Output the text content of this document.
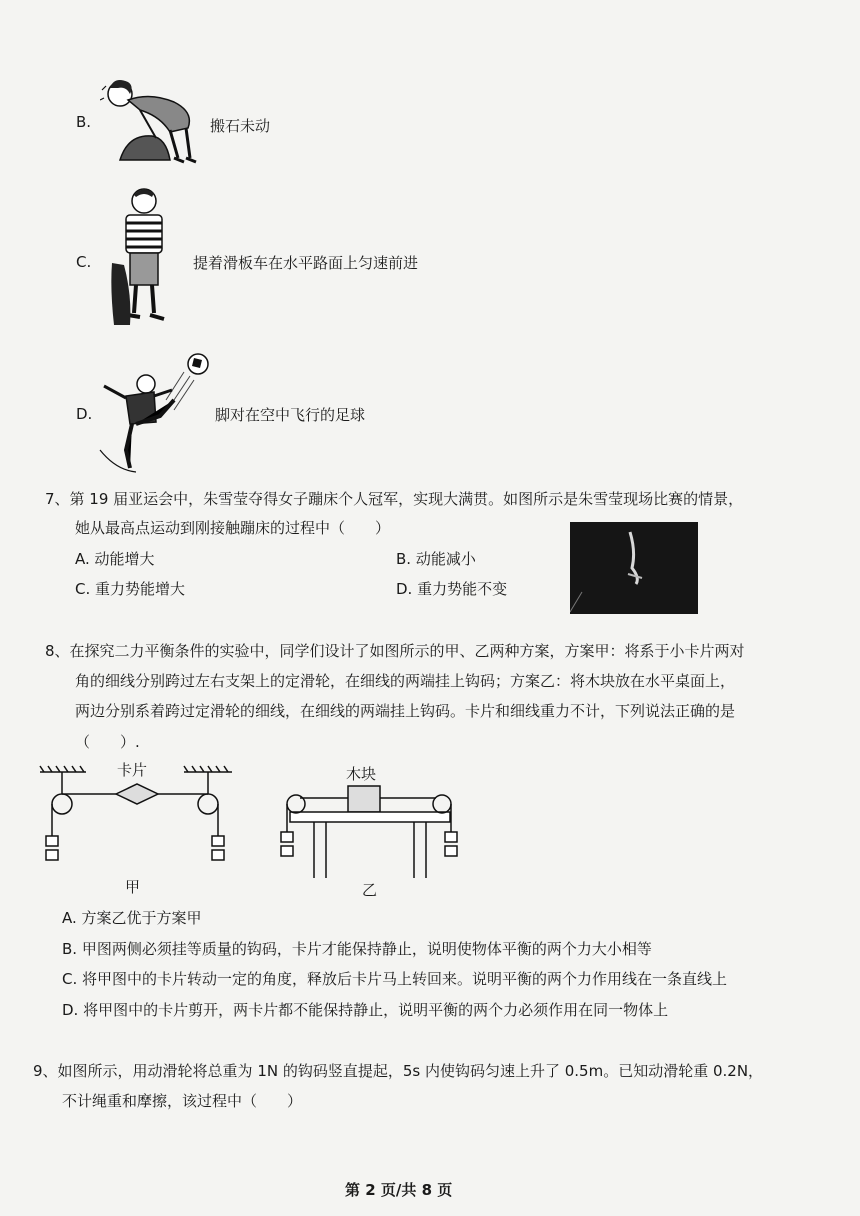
B.	搬石未动
C.	提着滑板车在水平路面上匀速前进
D.	脚对在空中飞行的足球
7、第 19 届亚运会中，朱雪莹夺得女子蹦床个人冠军，实现大满贯。如图所示是朱雪莹现场比赛的情景，
她从最高点运动到刚接触蹦床的过程中（　　）
A. 动能增大	B. 动能减小
C. 重力势能增大	D. 重力势能不变
8、在探究二力平衡条件的实验中，同学们设计了如图所示的甲、乙两种方案，方案甲：将系于小卡片两对
角的细线分别跨过左右支架上的定滑轮，在细线的两端挂上钩码；方案乙：将木块放在水平桌面上，
两边分别系着跨过定滑轮的细线，在细线的两端挂上钩码。卡片和细线重力不计，下列说法正确的是
（　　）.
卡片
甲
木块
乙
A. 方案乙优于方案甲
B. 甲图两侧必须挂等质量的钩码，卡片才能保持静止，说明使物体平衡的两个力大小相等
C. 将甲图中的卡片转动一定的角度，释放后卡片马上转回来。说明平衡的两个力作用线在一条直线上
D. 将甲图中的卡片剪开，两卡片都不能保持静止，说明平衡的两个力必须作用在同一物体上
9、如图所示，用动滑轮将总重为 1N 的钩码竖直提起，5s 内使钩码匀速上升了 0.5m。已知动滑轮重 0.2N，
不计绳重和摩擦，该过程中（　　）
第 2 页/共 8 页
